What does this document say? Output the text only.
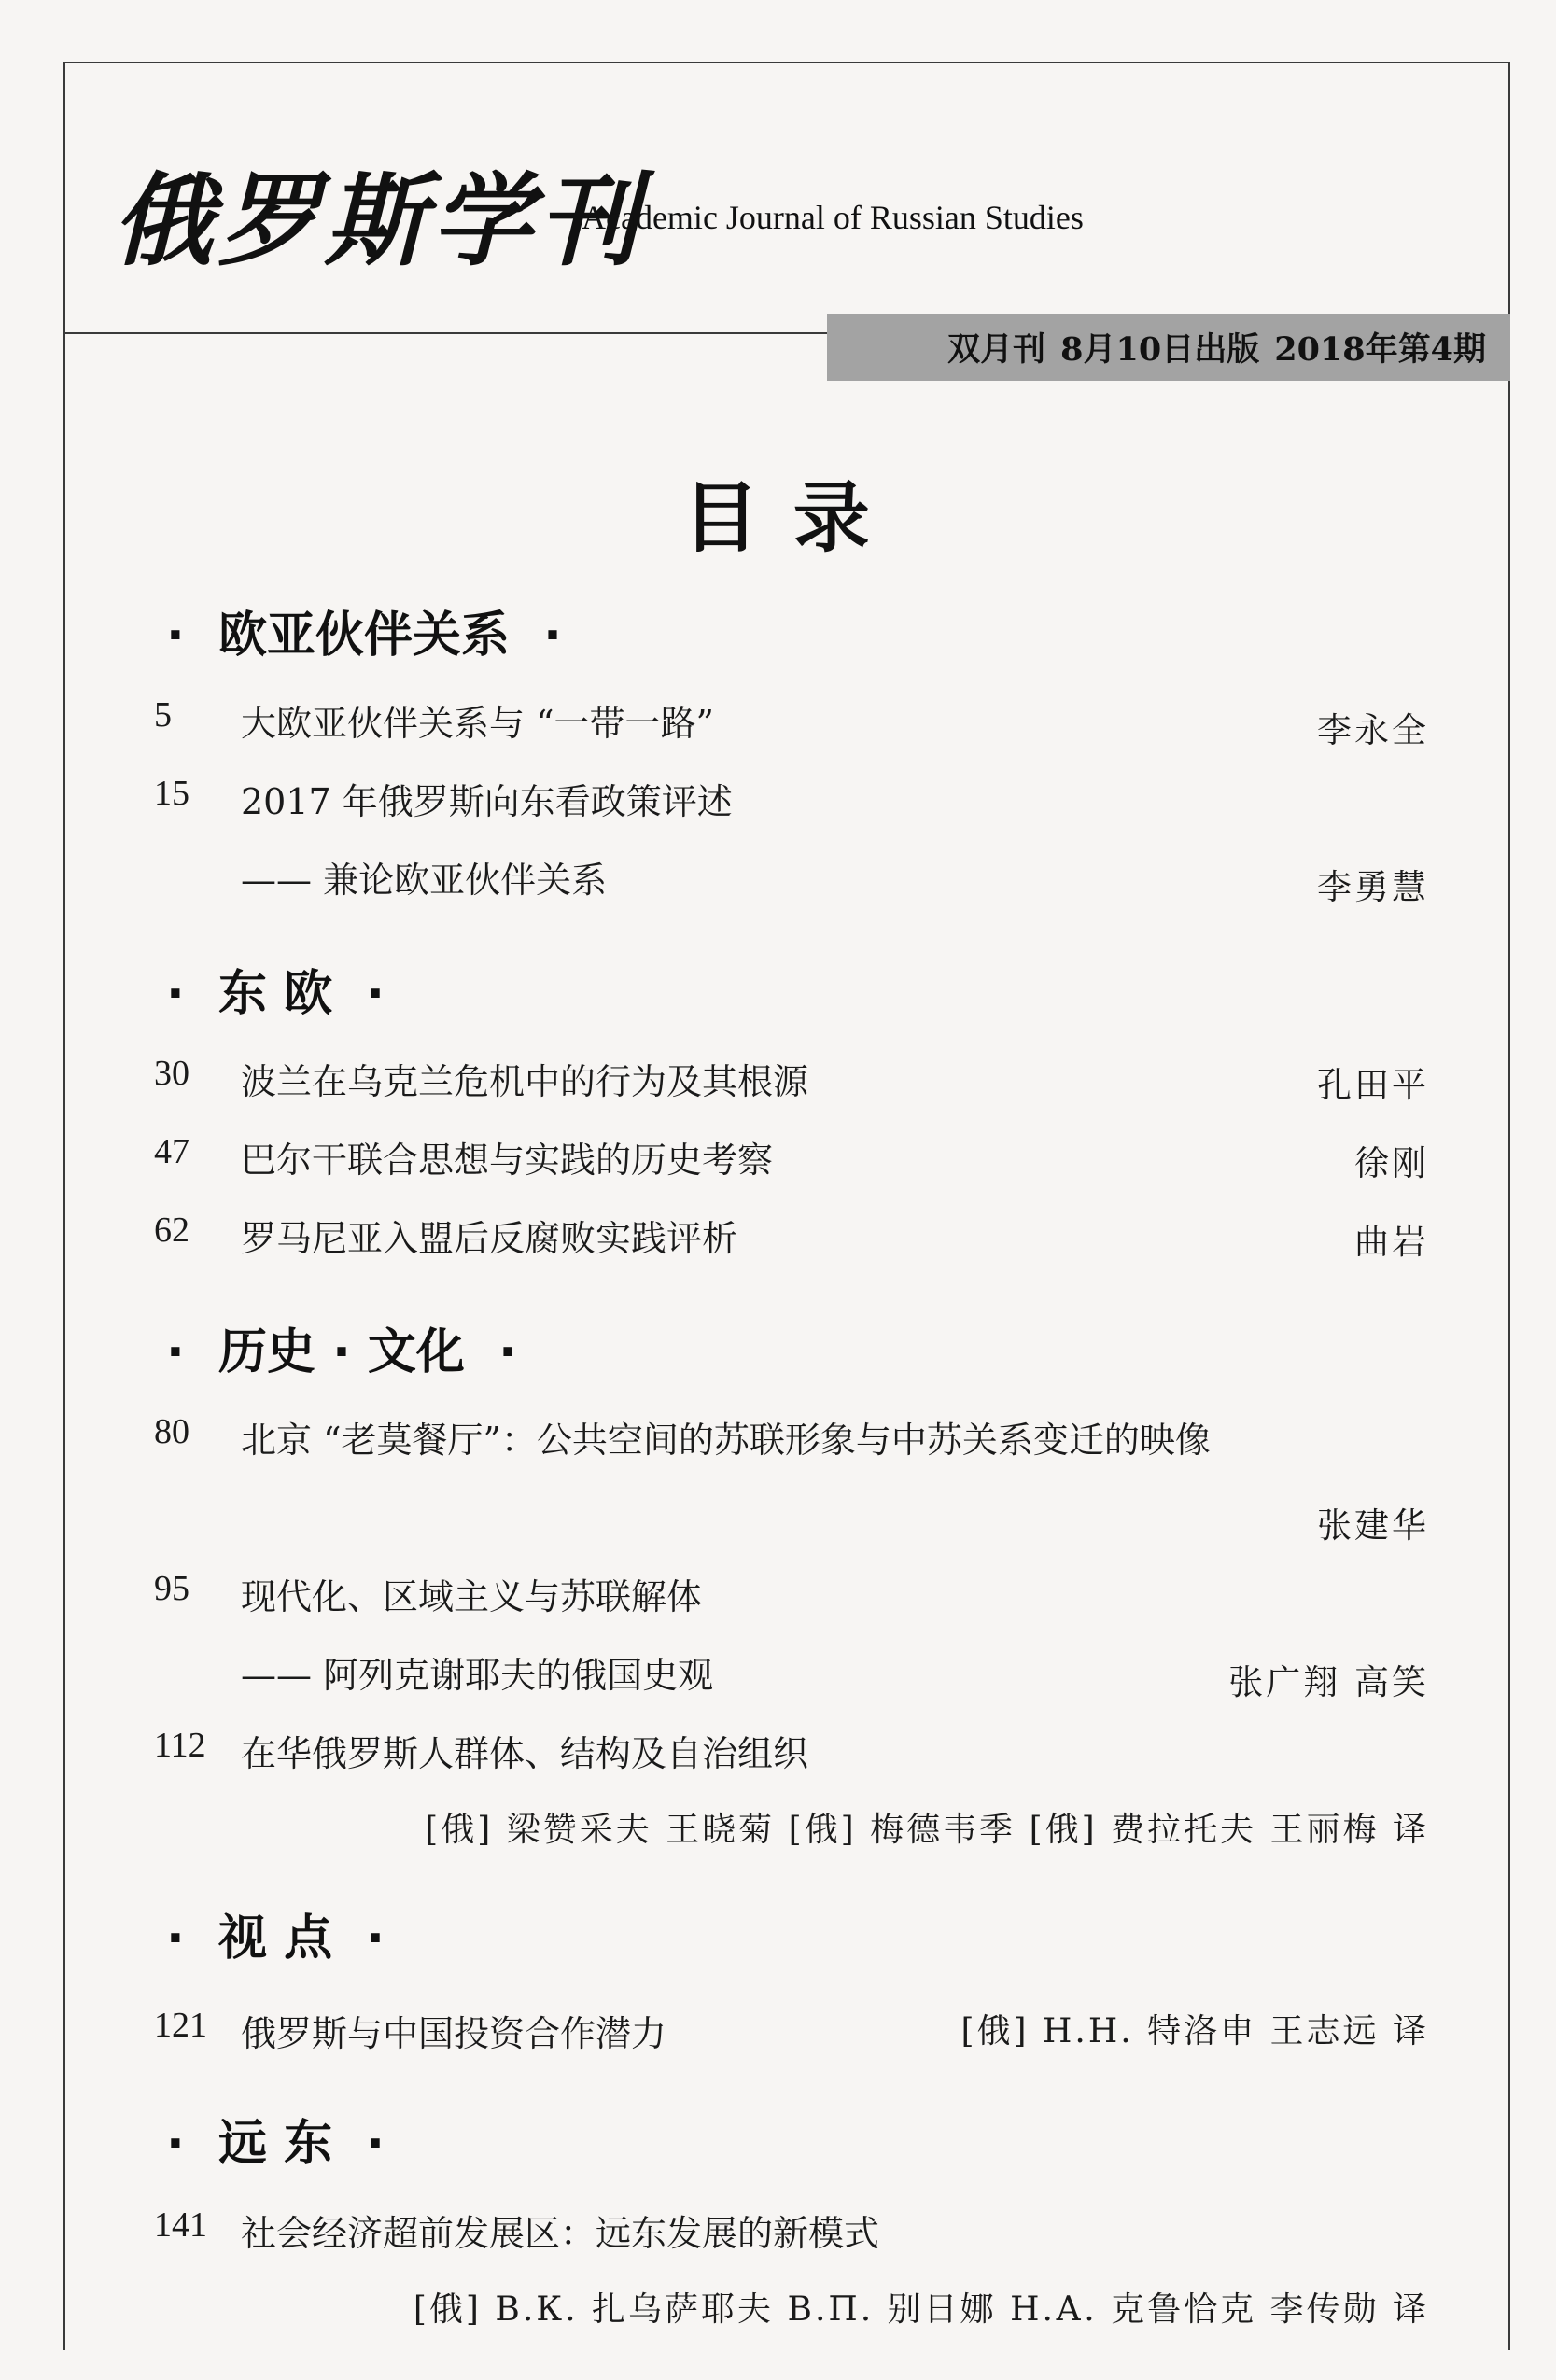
俄罗斯学刊
Academic Journal of Russian Studies
双月刊 8月10日出版 2018年第4期
目 录
·  欧亚伙伴关系  ·
5 大欧亚伙伴关系与 “一带一路”	李永全
15 2017 年俄罗斯向东看政策评述
—— 兼论欧亚伙伴关系	李勇慧
·  东 欧  ·
30 波兰在乌克兰危机中的行为及其根源	孔田平
47 巴尔干联合思想与实践的历史考察	徐刚
62 罗马尼亚入盟后反腐败实践评析	曲岩
·  历史 · 文化  ·
80 北京 “老莫餐厅”：公共空间的苏联形象与中苏关系变迁的映像
张建华
95 现代化、区域主义与苏联解体
—— 阿列克谢耶夫的俄国史观	张广翔 高笑
112 在华俄罗斯人群体、结构及自治组织
[俄] 梁赞采夫 王晓菊 [俄] 梅德韦季 [俄] 费拉托夫 王丽梅 译
·  视 点  ·
121 俄罗斯与中国投资合作潜力	[俄] Н.Н. 特洛申 王志远 译
·  远 东  ·
141 社会经济超前发展区：远东发展的新模式
[俄] В.К. 扎乌萨耶夫 В.П. 别日娜 Н.А. 克鲁恰克 李传勋 译
